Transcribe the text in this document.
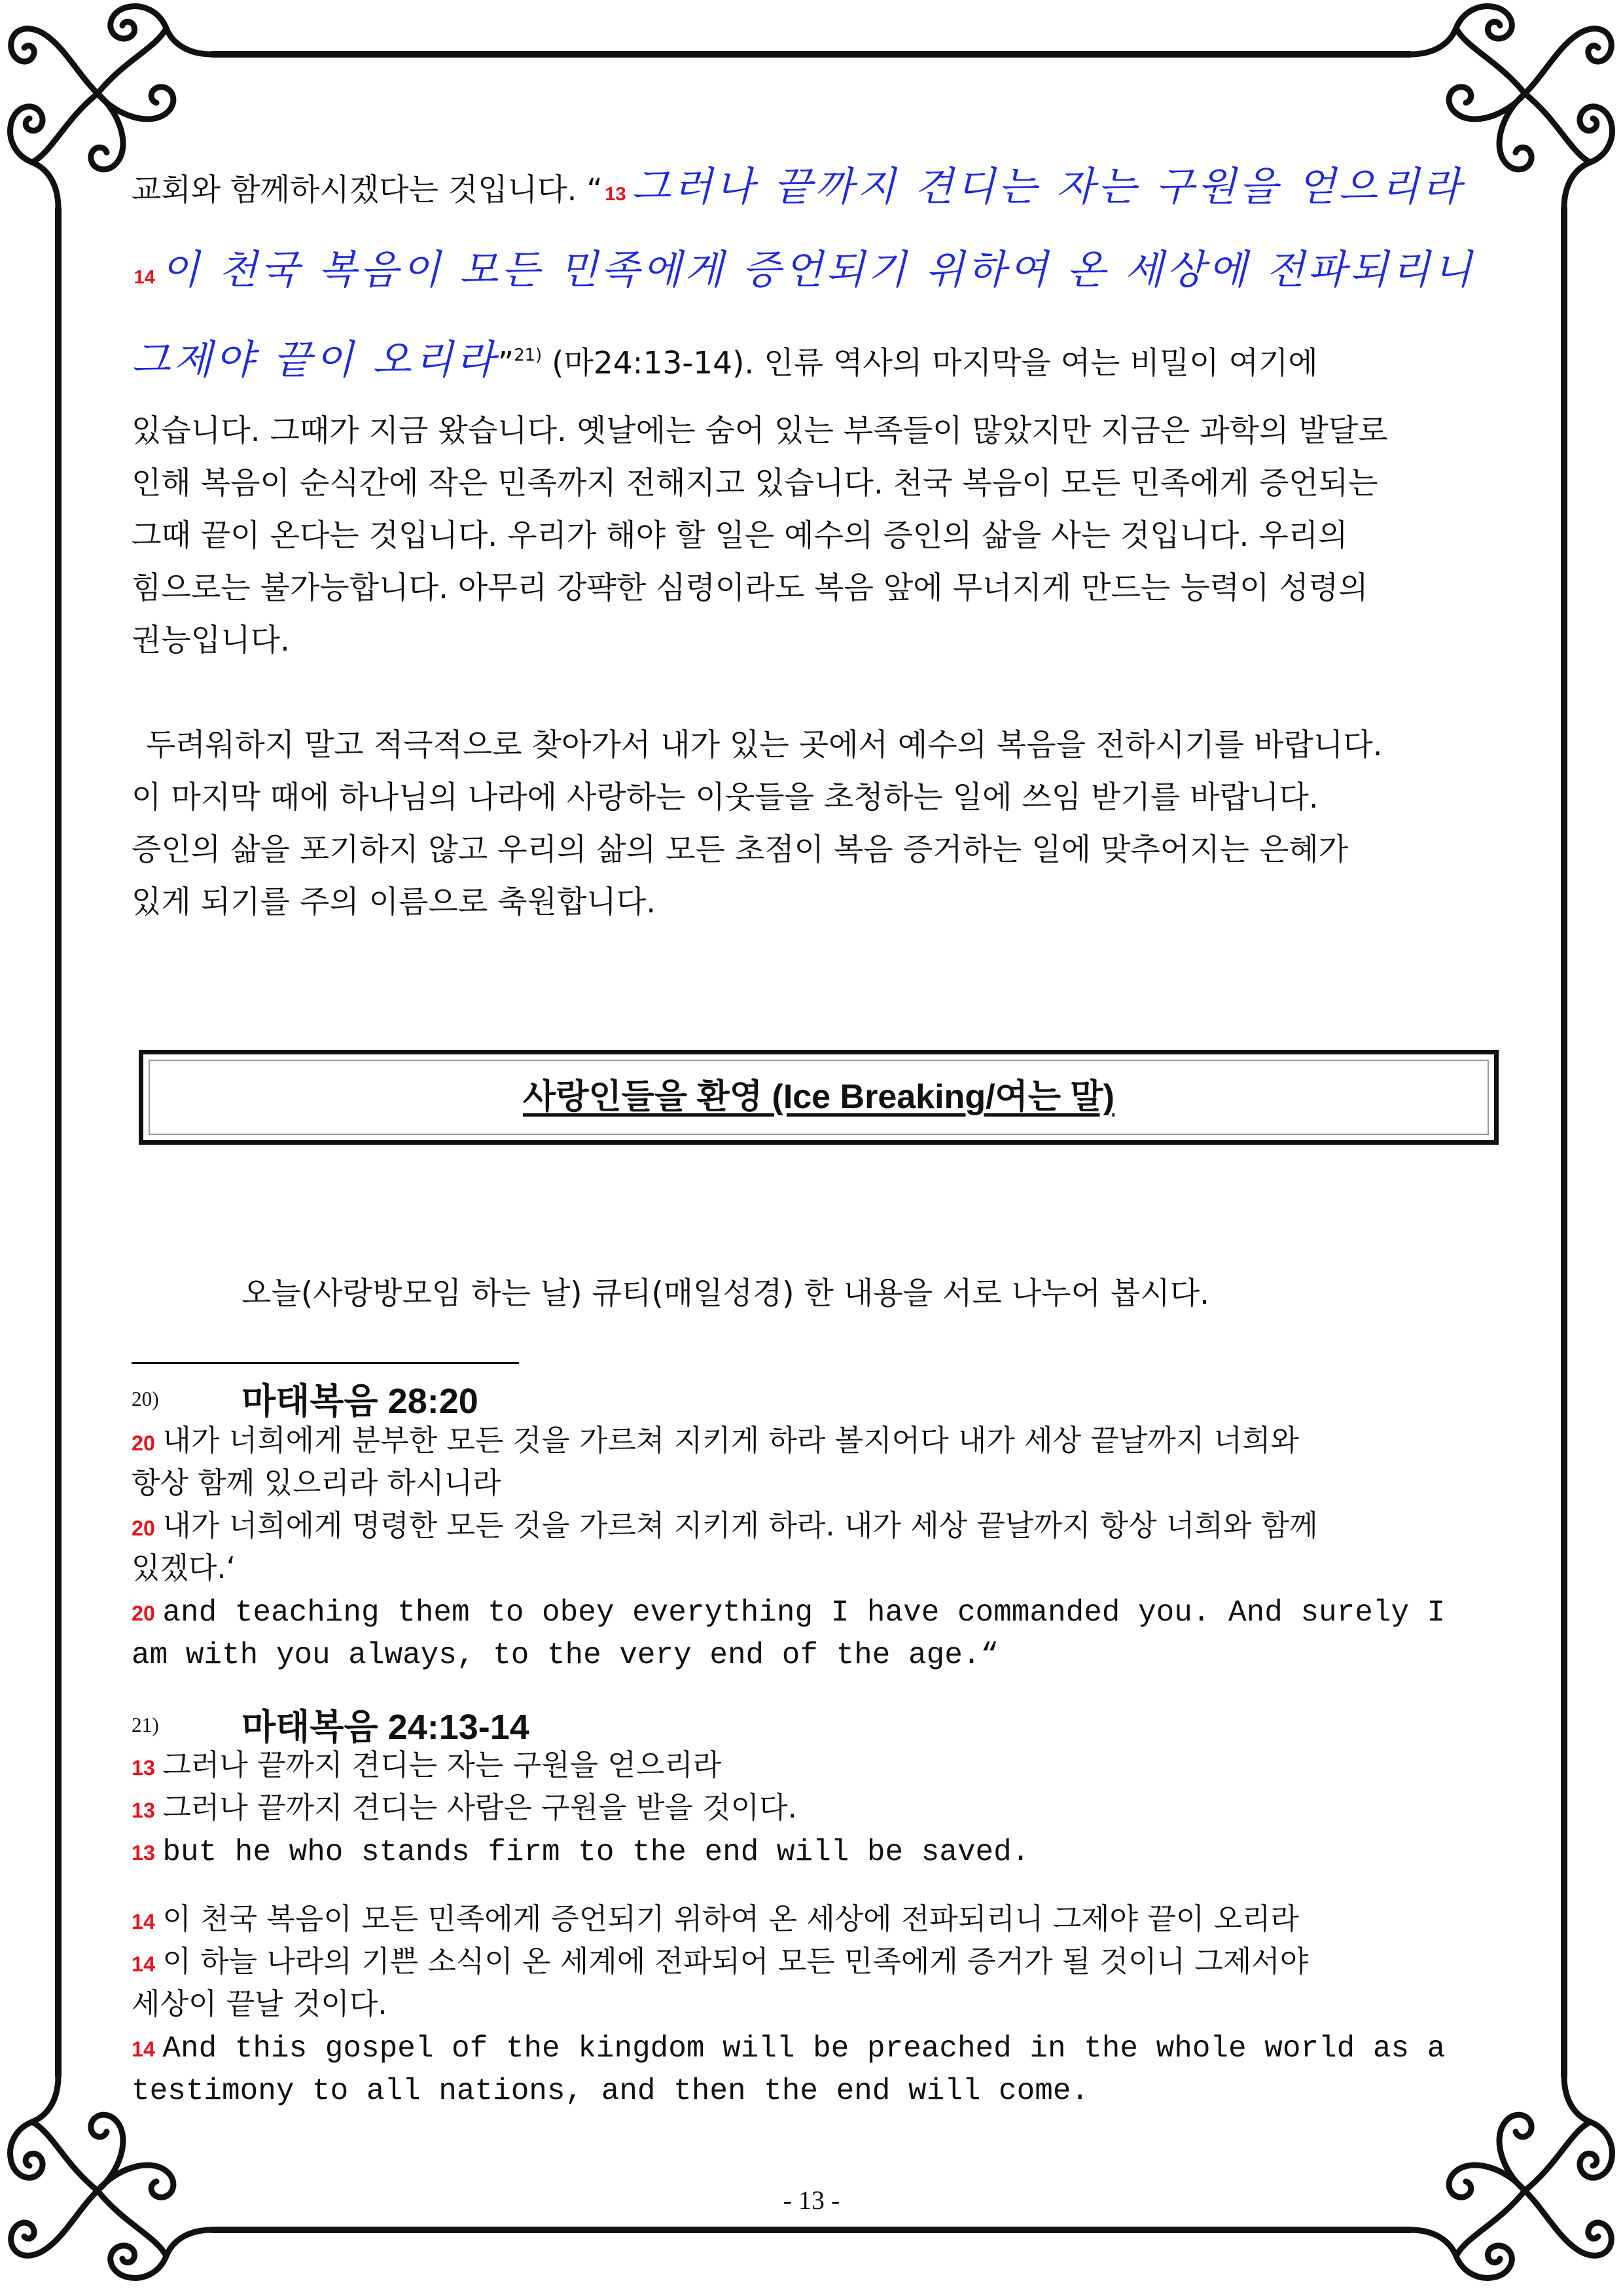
교회와 함께하시겠다는 것입니다. “ 13 그러나 끝까지 견디는 자는 구원을 얻으리라
14 이 천국 복음이 모든 민족에게 증언되기 위하여 온 세상에 전파되리니
그제야 끝이 오리라”$^{21)}$ (마24:13-14). 인류 역사의 마지막을 여는 비밀이 여기에
있습니다. 그때가 지금 왔습니다. 옛날에는 숨어 있는 부족들이 많았지만 지금은 과학의 발달로
인해 복음이 순식간에 작은 민족까지 전해지고 있습니다. 천국 복음이 모든 민족에게 증언되는
그때 끝이 온다는 것입니다. 우리가 해야 할 일은 예수의 증인의 삶을 사는 것입니다. 우리의
힘으로는 불가능합니다. 아무리 강퍅한 심령이라도 복음 앞에 무너지게 만드는 능력이 성령의
권능입니다.
두려워하지 말고 적극적으로 찾아가서 내가 있는 곳에서 예수의 복음을 전하시기를 바랍니다.
이 마지막 때에 하나님의 나라에 사랑하는 이웃들을 초청하는 일에 쓰임 받기를 바랍니다.
증인의 삶을 포기하지 않고 우리의 삶의 모든 초점이 복음 증거하는 일에 맞추어지는 은혜가
있게 되기를 주의 이름으로 축원합니다.
사랑인들을 환영 (Ice Breaking/여는 말)
오늘(사랑방모임 하는 날) 큐티(매일성경) 한 내용을 서로 나누어 봅시다.
20) 마태복음 28:20
20 내가 너희에게 분부한 모든 것을 가르쳐 지키게 하라 볼지어다 내가 세상 끝날까지 너희와
항상 함께 있으리라 하시니라
20 내가 너희에게 명령한 모든 것을 가르쳐 지키게 하라. 내가 세상 끝날까지 항상 너희와 함께
있겠다.‘
20 and teaching them to obey everything I have commanded you. And surely I
am with you always, to the very end of the age.“
21) 마태복음 24:13-14
13 그러나 끝까지 견디는 자는 구원을 얻으리라
13 그러나 끝까지 견디는 사람은 구원을 받을 것이다.
13 but he who stands firm to the end will be saved.
14 이 천국 복음이 모든 민족에게 증언되기 위하여 온 세상에 전파되리니 그제야 끝이 오리라
14 이 하늘 나라의 기쁜 소식이 온 세계에 전파되어 모든 민족에게 증거가 될 것이니 그제서야
세상이 끝날 것이다.
14 And this gospel of the kingdom will be preached in the whole world as a
testimony to all nations, and then the end will come.
- 13 -
